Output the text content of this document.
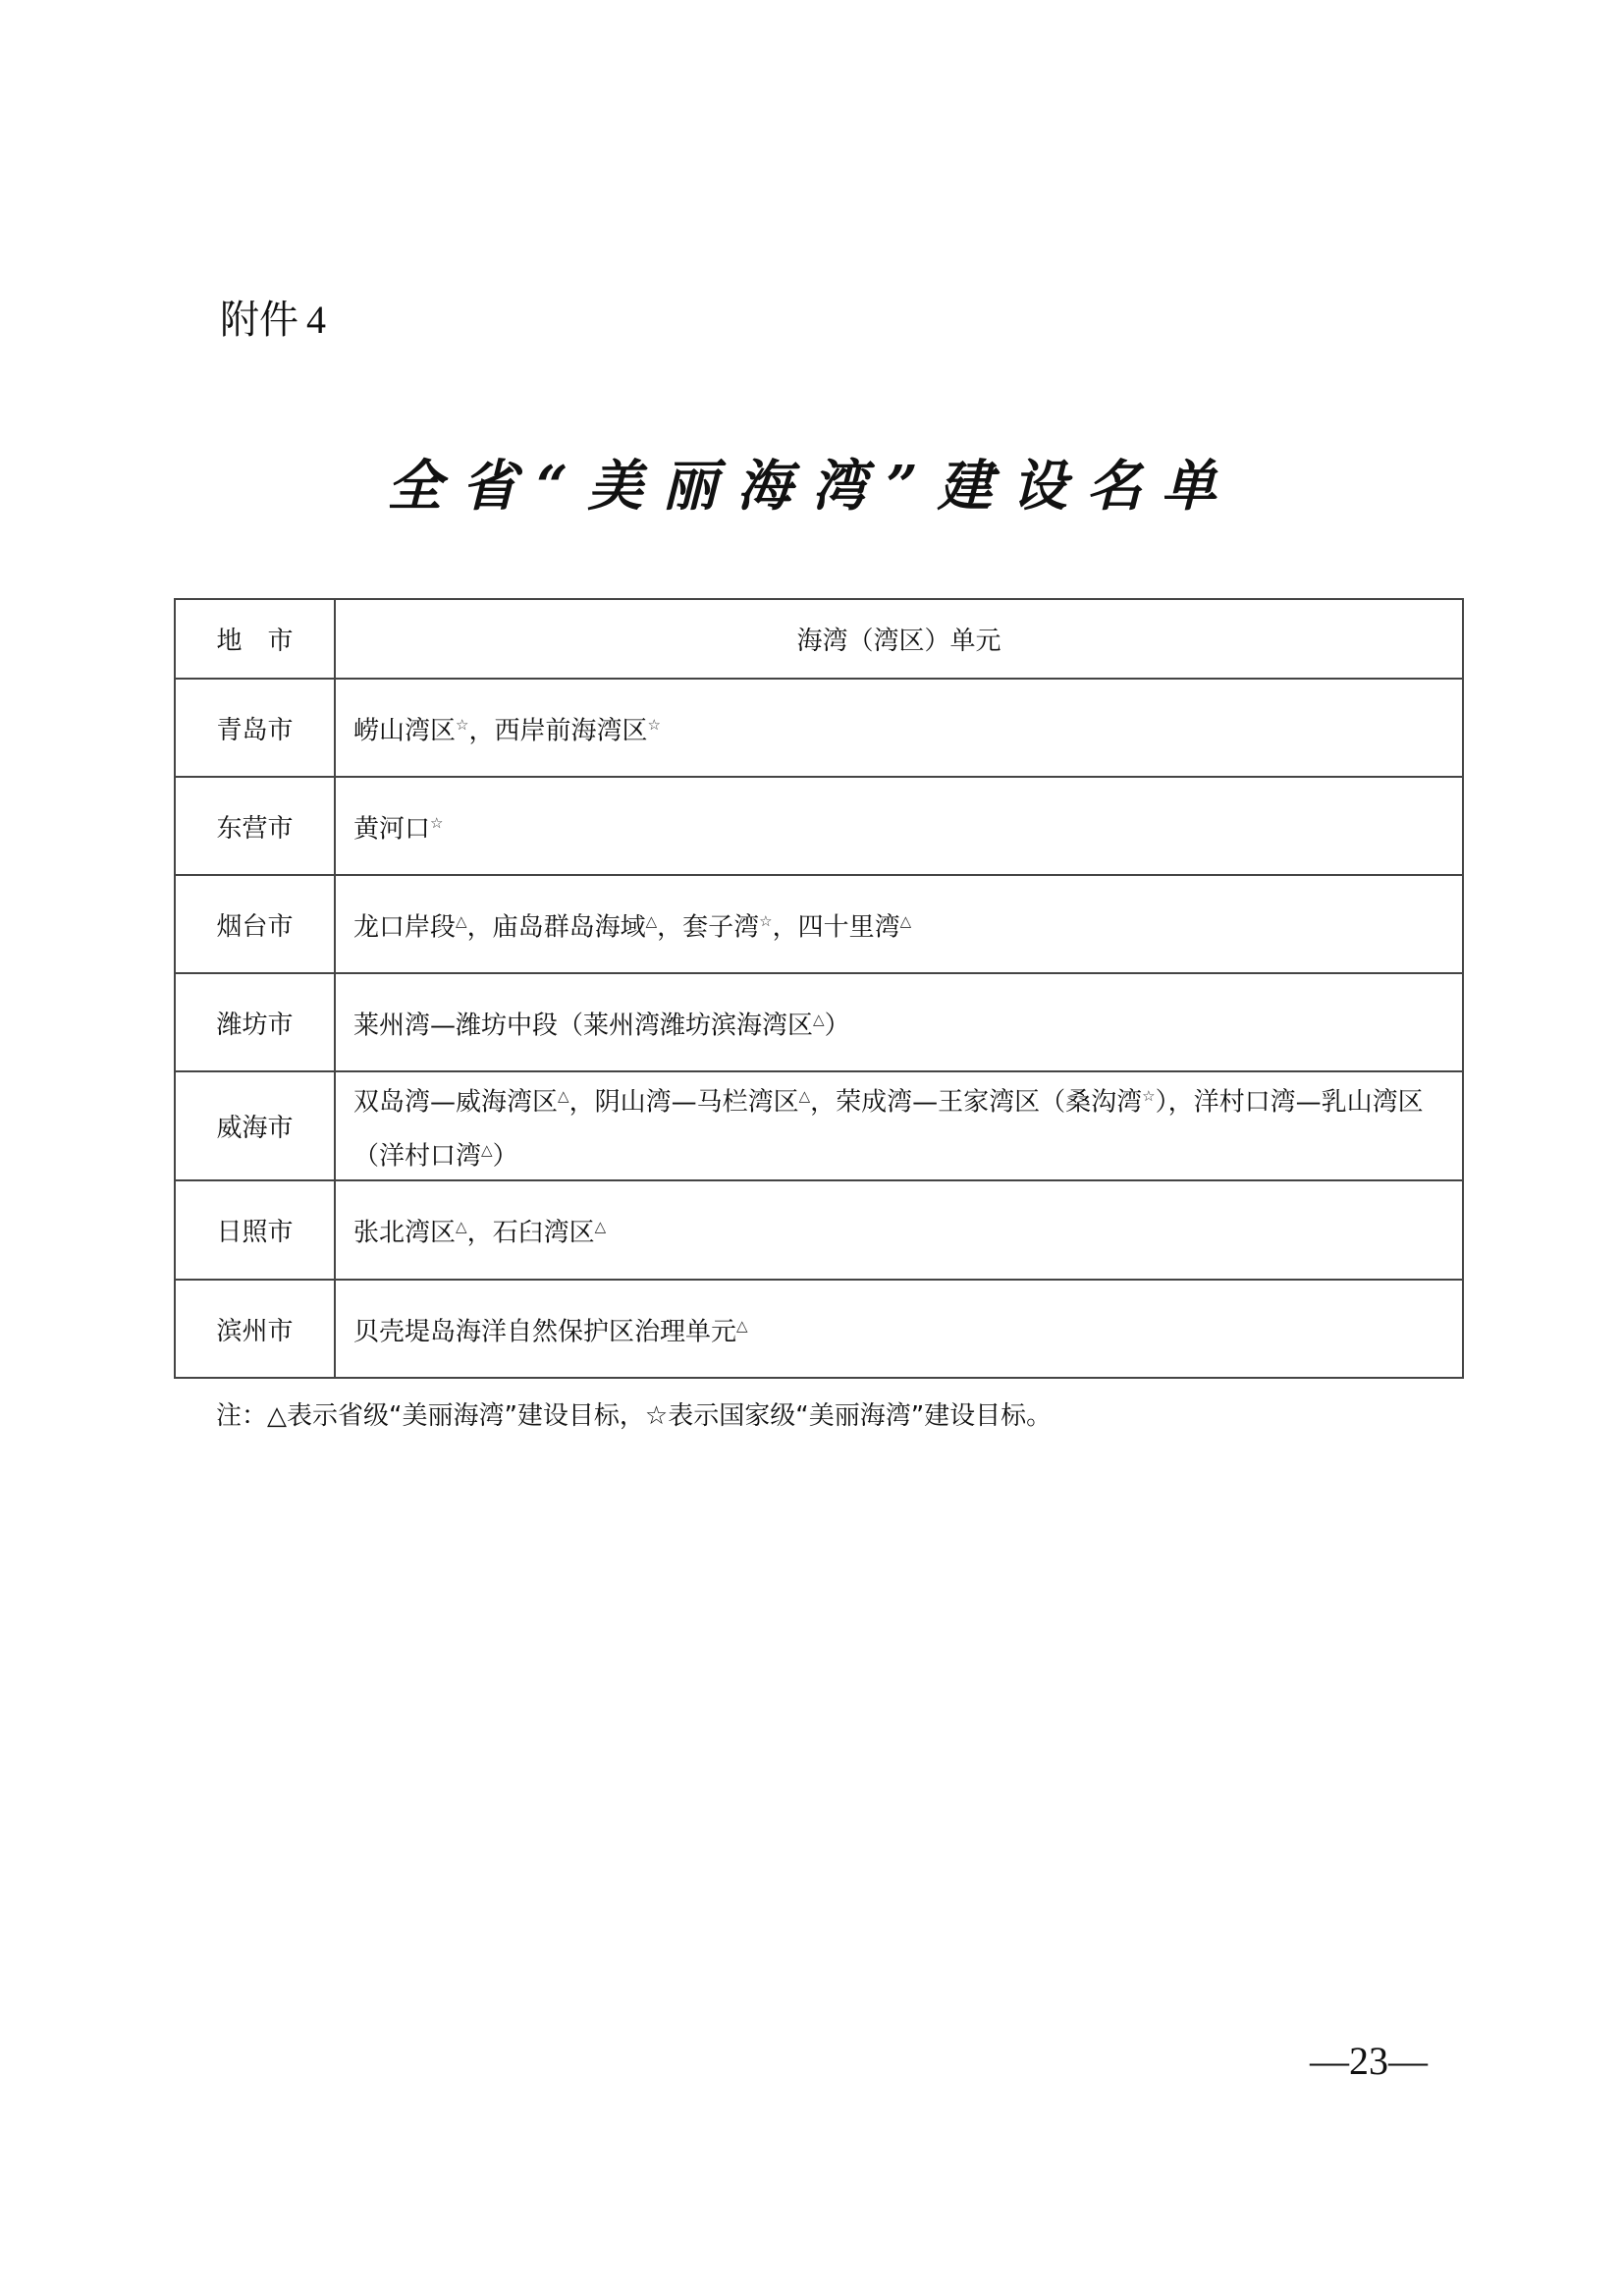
附件 4
全省“美丽海湾”建设名单
地　市	海湾（湾区）单元
青岛市	崂山湾区☆，西岸前海湾区☆
东营市	黄河口☆
烟台市	龙口岸段△，庙岛群岛海域△，套子湾☆，四十里湾△
潍坊市	莱州湾—潍坊中段（莱州湾潍坊滨海湾区△）
威海市	双岛湾—威海湾区△，阴山湾—马栏湾区△，荣成湾—王家湾区（桑沟湾☆），洋村口湾—乳山湾区（洋村口湾△）
日照市	张北湾区△，石臼湾区△
滨州市	贝壳堤岛海洋自然保护区治理单元△
注：△表示省级“美丽海湾”建设目标，☆表示国家级“美丽海湾”建设目标。
—23—
